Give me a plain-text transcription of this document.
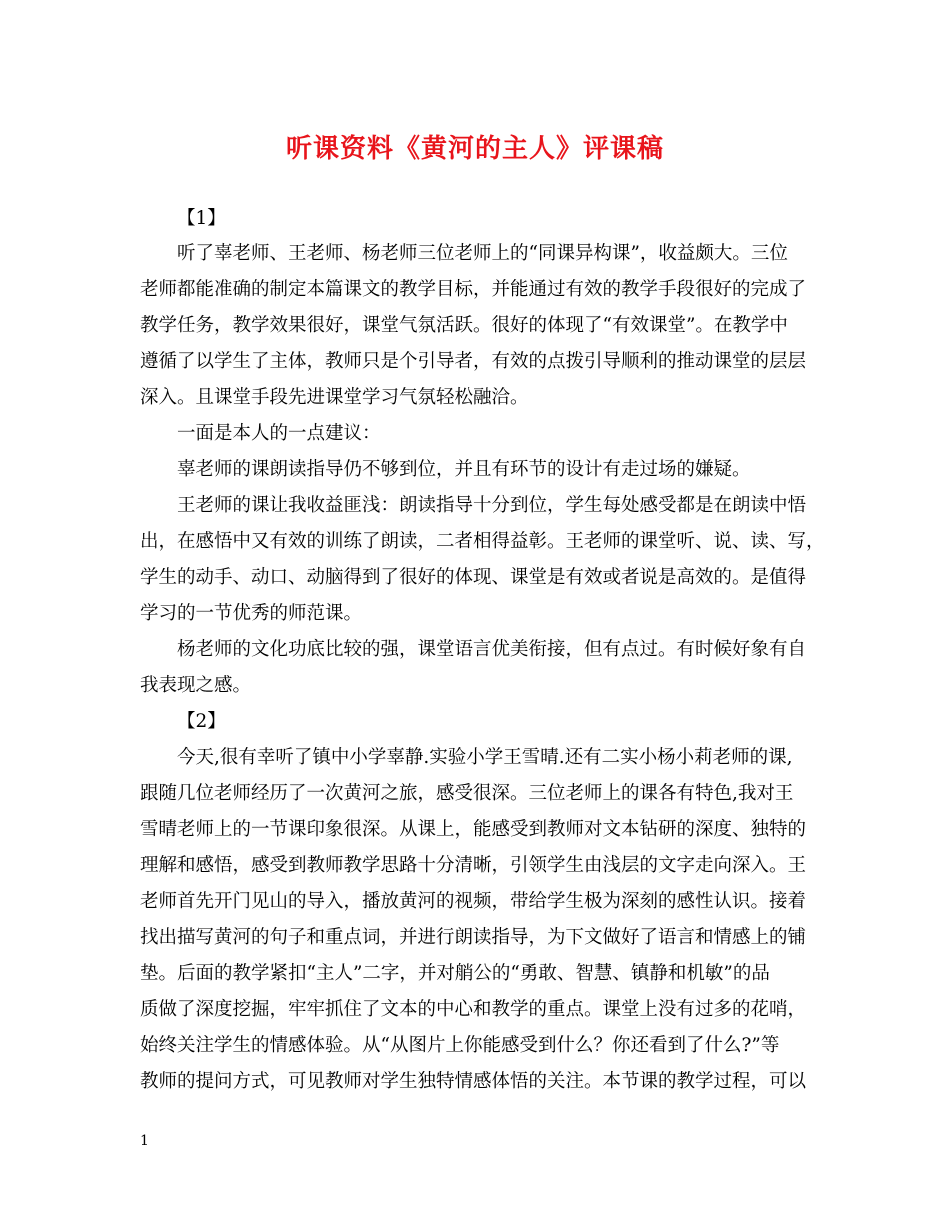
听课资料《黄河的主人》评课稿
【1】
听了辜老师、王老师、杨老师三位老师上的“同课异构课”，收益颇大。三位
老师都能准确的制定本篇课文的教学目标，并能通过有效的教学手段很好的完成了
教学任务，教学效果很好，课堂气氛活跃。很好的体现了“有效课堂”。在教学中
遵循了以学生了主体，教师只是个引导者，有效的点拨引导顺利的推动课堂的层层
深入。且课堂手段先进课堂学习气氛轻松融洽。
一面是本人的一点建议：
辜老师的课朗读指导仍不够到位，并且有环节的设计有走过场的嫌疑。
王老师的课让我收益匪浅：朗读指导十分到位，学生每处感受都是在朗读中悟
出，在感悟中又有效的训练了朗读，二者相得益彰。王老师的课堂听、说、读、写，
学生的动手、动口、动脑得到了很好的体现、课堂是有效或者说是高效的。是值得
学习的一节优秀的师范课。
杨老师的文化功底比较的强，课堂语言优美衔接，但有点过。有时候好象有自
我表现之感。
【2】
今天,很有幸听了镇中小学辜静.实验小学王雪晴.还有二实小杨小莉老师的课,
跟随几位老师经历了一次黄河之旅，感受很深。三位老师上的课各有特色,我对王
雪晴老师上的一节课印象很深。从课上，能感受到教师对文本钻研的深度、独特的
理解和感悟，感受到教师教学思路十分清晰，引领学生由浅层的文字走向深入。王
老师首先开门见山的导入，播放黄河的视频，带给学生极为深刻的感性认识。接着
找出描写黄河的句子和重点词，并进行朗读指导，为下文做好了语言和情感上的铺
垫。后面的教学紧扣“主人”二字，并对艄公的“勇敢、智慧、镇静和机敏”的品
质做了深度挖掘，牢牢抓住了文本的中心和教学的重点。课堂上没有过多的花哨，
始终关注学生的情感体验。从“从图片上你能感受到什么？你还看到了什么?”等
教师的提问方式，可见教师对学生独特情感体悟的关注。本节课的教学过程，可以
1
